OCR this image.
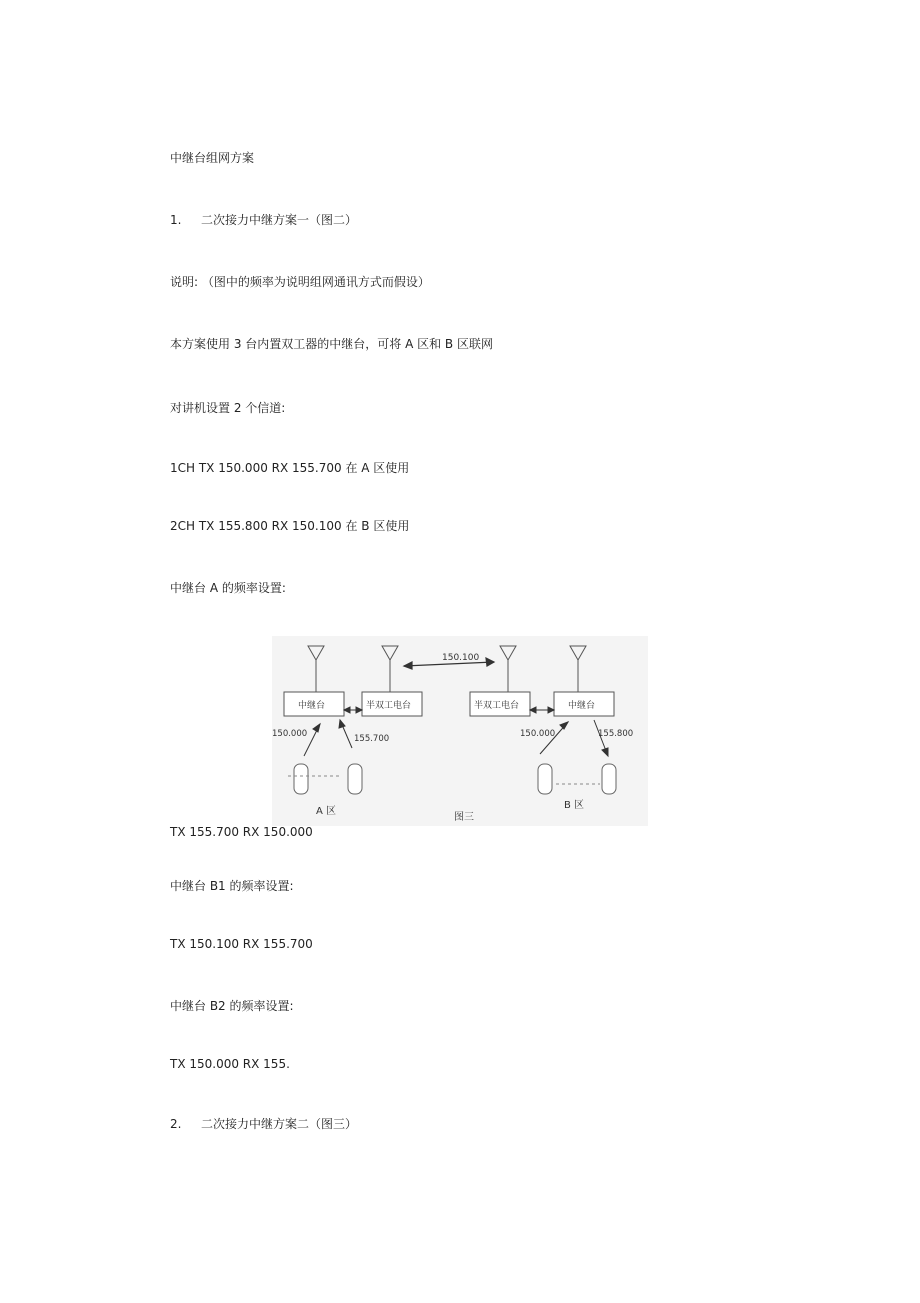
中继台组网方案
1. 二次接力中继方案一（图二）
说明: （图中的频率为说明组网通讯方式而假设）
本方案使用 3 台内置双工器的中继台，可将 A 区和 B 区联网
对讲机设置 2 个信道:
1CH TX 150.000 RX 155.700 在 A 区使用
2CH TX 155.800 RX 150.100 在 B 区使用
中继台 A 的频率设置:
150.100
中继台	半双工电台	半双工电台	中继台
150.000	155.700	150.000	155.800
A 区
图三
B 区
TX 155.700 RX 150.000
中继台 B1 的频率设置:
TX 150.100 RX 155.700
中继台 B2 的频率设置:
TX 150.000 RX 155.
2. 二次接力中继方案二（图三）
